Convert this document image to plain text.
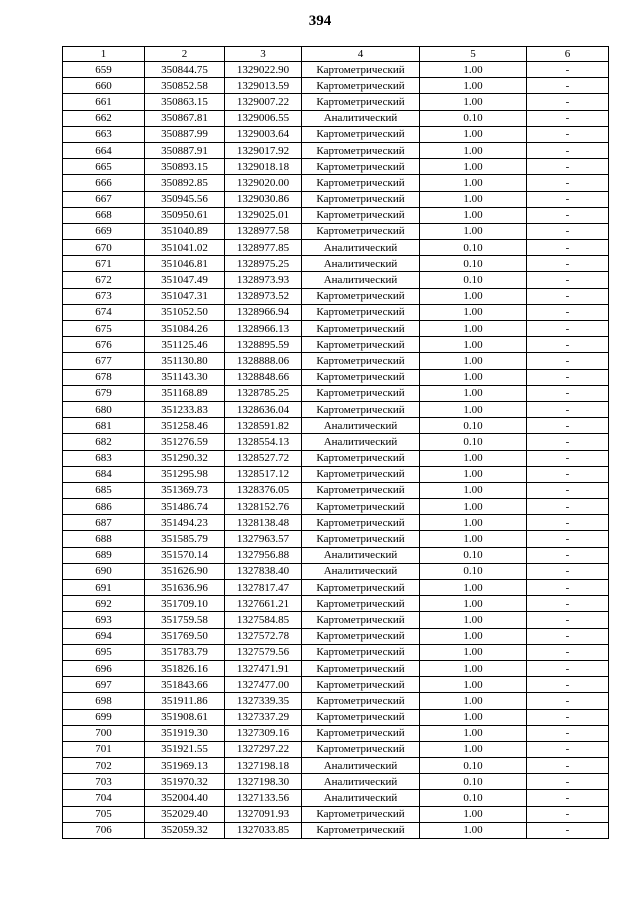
394
1	2	3	4	5	6
659	350844.75	1329022.90	Картометрический	1.00	-
660	350852.58	1329013.59	Картометрический	1.00	-
661	350863.15	1329007.22	Картометрический	1.00	-
662	350867.81	1329006.55	Аналитический	0.10	-
663	350887.99	1329003.64	Картометрический	1.00	-
664	350887.91	1329017.92	Картометрический	1.00	-
665	350893.15	1329018.18	Картометрический	1.00	-
666	350892.85	1329020.00	Картометрический	1.00	-
667	350945.56	1329030.86	Картометрический	1.00	-
668	350950.61	1329025.01	Картометрический	1.00	-
669	351040.89	1328977.58	Картометрический	1.00	-
670	351041.02	1328977.85	Аналитический	0.10	-
671	351046.81	1328975.25	Аналитический	0.10	-
672	351047.49	1328973.93	Аналитический	0.10	-
673	351047.31	1328973.52	Картометрический	1.00	-
674	351052.50	1328966.94	Картометрический	1.00	-
675	351084.26	1328966.13	Картометрический	1.00	-
676	351125.46	1328895.59	Картометрический	1.00	-
677	351130.80	1328888.06	Картометрический	1.00	-
678	351143.30	1328848.66	Картометрический	1.00	-
679	351168.89	1328785.25	Картометрический	1.00	-
680	351233.83	1328636.04	Картометрический	1.00	-
681	351258.46	1328591.82	Аналитический	0.10	-
682	351276.59	1328554.13	Аналитический	0.10	-
683	351290.32	1328527.72	Картометрический	1.00	-
684	351295.98	1328517.12	Картометрический	1.00	-
685	351369.73	1328376.05	Картометрический	1.00	-
686	351486.74	1328152.76	Картометрический	1.00	-
687	351494.23	1328138.48	Картометрический	1.00	-
688	351585.79	1327963.57	Картометрический	1.00	-
689	351570.14	1327956.88	Аналитический	0.10	-
690	351626.90	1327838.40	Аналитический	0.10	-
691	351636.96	1327817.47	Картометрический	1.00	-
692	351709.10	1327661.21	Картометрический	1.00	-
693	351759.58	1327584.85	Картометрический	1.00	-
694	351769.50	1327572.78	Картометрический	1.00	-
695	351783.79	1327579.56	Картометрический	1.00	-
696	351826.16	1327471.91	Картометрический	1.00	-
697	351843.66	1327477.00	Картометрический	1.00	-
698	351911.86	1327339.35	Картометрический	1.00	-
699	351908.61	1327337.29	Картометрический	1.00	-
700	351919.30	1327309.16	Картометрический	1.00	-
701	351921.55	1327297.22	Картометрический	1.00	-
702	351969.13	1327198.18	Аналитический	0.10	-
703	351970.32	1327198.30	Аналитический	0.10	-
704	352004.40	1327133.56	Аналитический	0.10	-
705	352029.40	1327091.93	Картометрический	1.00	-
706	352059.32	1327033.85	Картометрический	1.00	-
